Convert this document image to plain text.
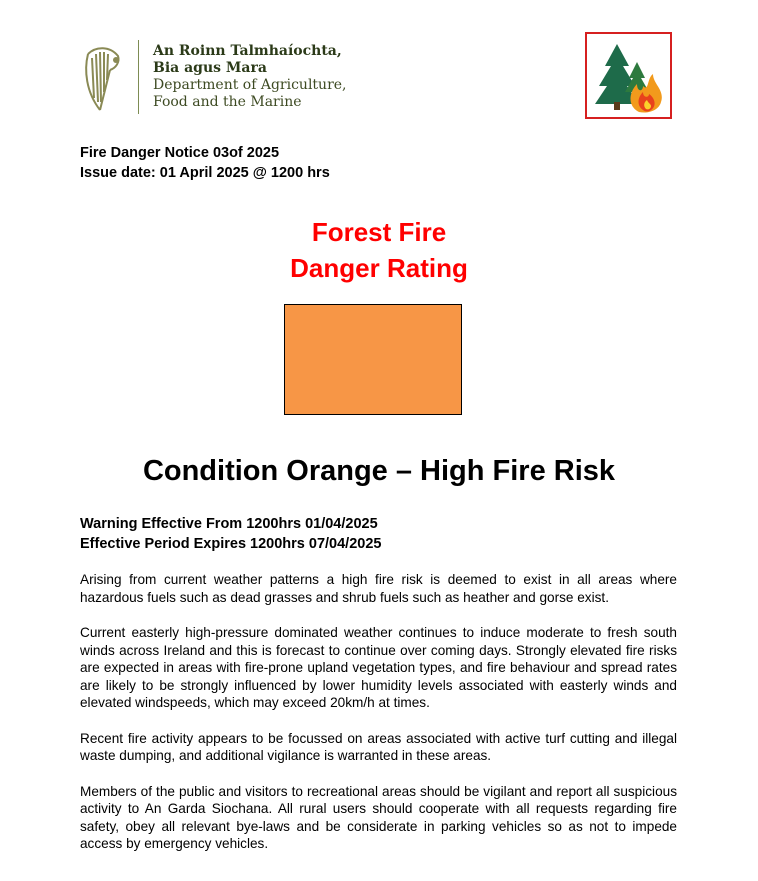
An Roinn Talmhaíochta,
Bia agus Mara
Department of Agriculture,
Food and the Marine
Fire Danger Notice 03of 2025
Issue date: 01 April 2025 @ 1200 hrs
Forest Fire
Danger Rating
Condition Orange – High Fire Risk
Warning Effective From 1200hrs 01/04/2025
Effective Period Expires 1200hrs 07/04/2025

Arising from current weather patterns a high fire risk is deemed to exist in all areas where hazardous fuels such as dead grasses and shrub fuels such as heather and gorse exist.

Current easterly high-pressure dominated weather continues to induce moderate to fresh south winds across Ireland and this is forecast to continue over coming days. Strongly elevated fire risks are expected in areas with fire-prone upland vegetation types, and fire behaviour and spread rates are likely to be strongly influenced by lower humidity levels associated with easterly winds and elevated windspeeds, which may exceed 20km/h at times.

Recent fire activity appears to be focussed on areas associated with active turf cutting and illegal waste dumping, and additional vigilance is warranted in these areas.

Members of the public and visitors to recreational areas should be vigilant and report all suspicious activity to An Garda Siochana. All rural users should cooperate with all requests regarding fire safety, obey all relevant bye-laws and be considerate in parking vehicles so as not to impede access by emergency vehicles.
